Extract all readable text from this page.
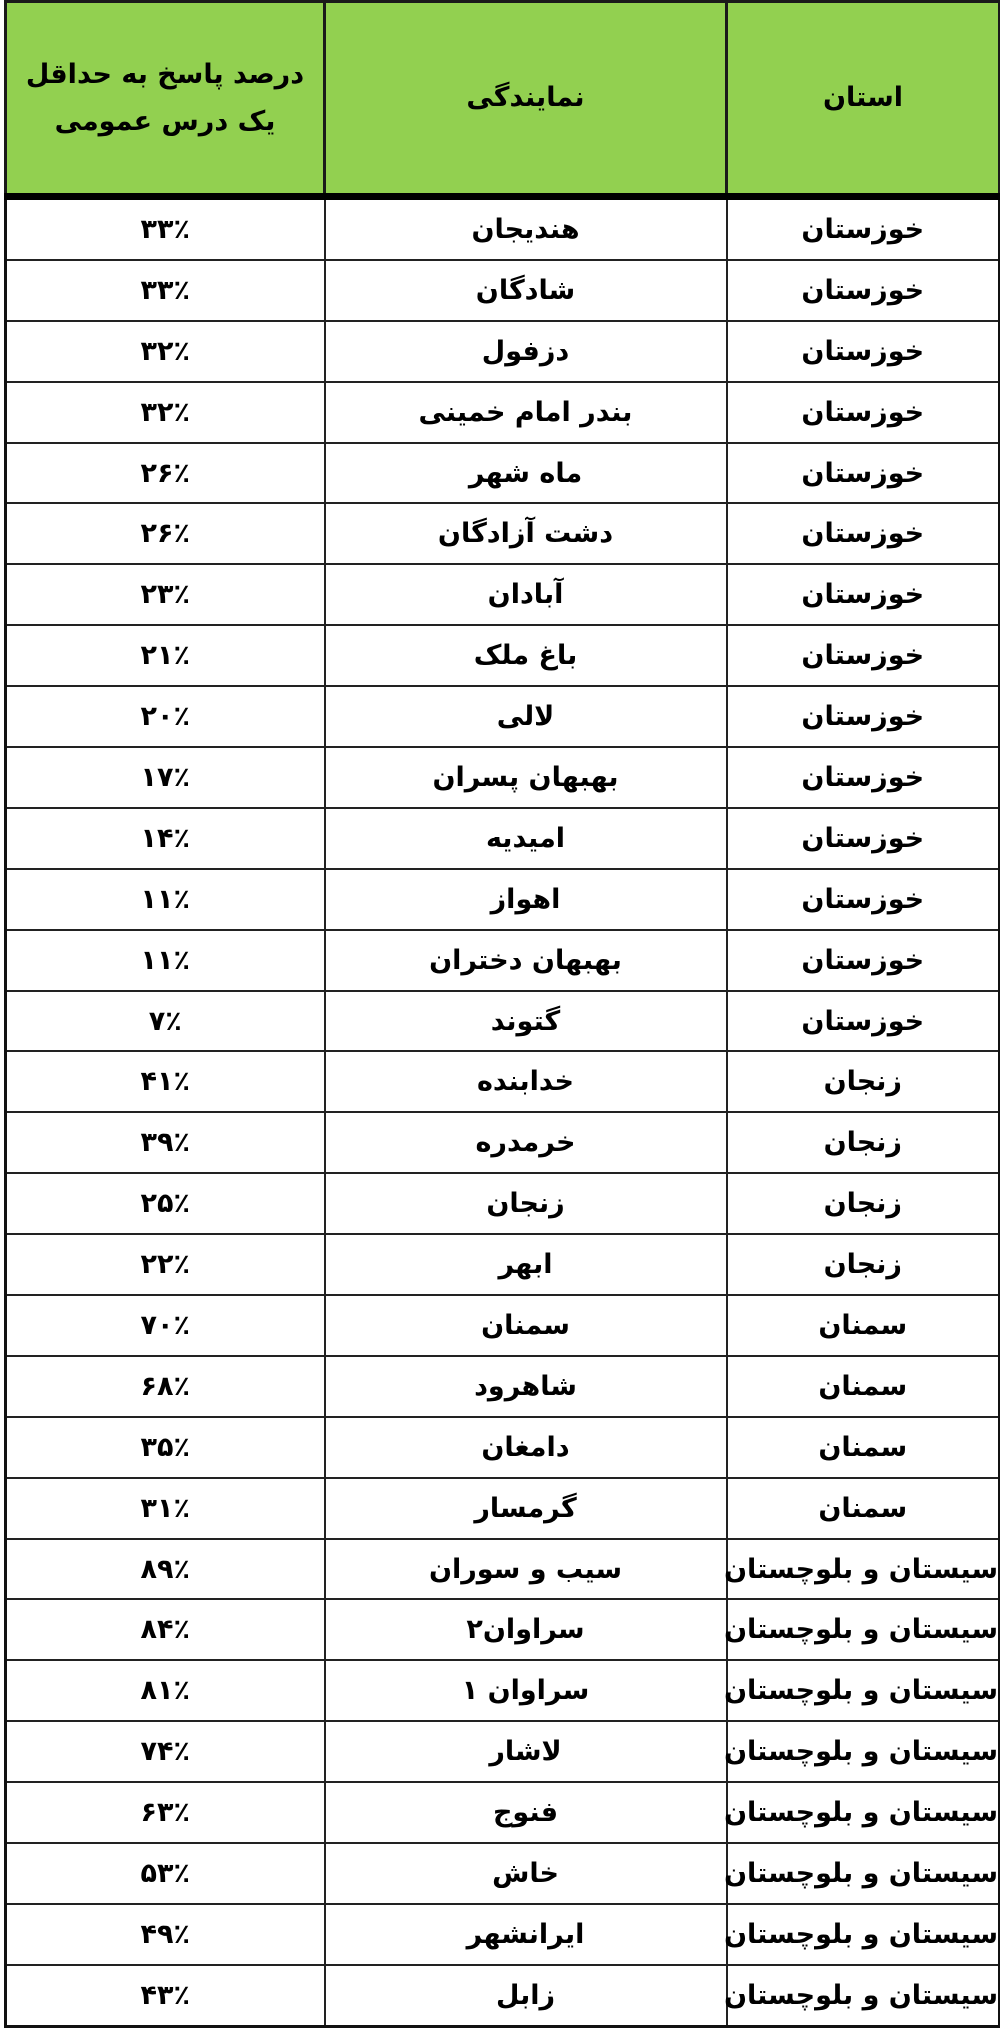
استان	نمایندگی	درصد پاسخ به حداقل یک درس عمومی
خوزستان	هندیجان	۳۳٪
خوزستان	شادگان	۳۳٪
خوزستان	دزفول	۳۲٪
خوزستان	بندر امام خمینی	۳۲٪
خوزستان	ماه شهر	۲۶٪
خوزستان	دشت آزادگان	۲۶٪
خوزستان	آبادان	۲۳٪
خوزستان	باغ ملک	۲۱٪
خوزستان	لالی	۲۰٪
خوزستان	بهبهان پسران	۱۷٪
خوزستان	امیدیه	۱۴٪
خوزستان	اهواز	۱۱٪
خوزستان	بهبهان دختران	۱۱٪
خوزستان	گتوند	۷٪
زنجان	خدابنده	۴۱٪
زنجان	خرمدره	۳۹٪
زنجان	زنجان	۲۵٪
زنجان	ابهر	۲۲٪
سمنان	سمنان	۷۰٪
سمنان	شاهرود	۶۸٪
سمنان	دامغان	۳۵٪
سمنان	گرمسار	۳۱٪
سیستان و بلوچستان	سیب و سوران	۸۹٪
سیستان و بلوچستان	سراوان۲	۸۴٪
سیستان و بلوچستان	سراوان ۱	۸۱٪
سیستان و بلوچستان	لاشار	۷۴٪
سیستان و بلوچستان	فنوج	۶۳٪
سیستان و بلوچستان	خاش	۵۳٪
سیستان و بلوچستان	ایرانشهر	۴۹٪
سیستان و بلوچستان	زابل	۴۳٪
